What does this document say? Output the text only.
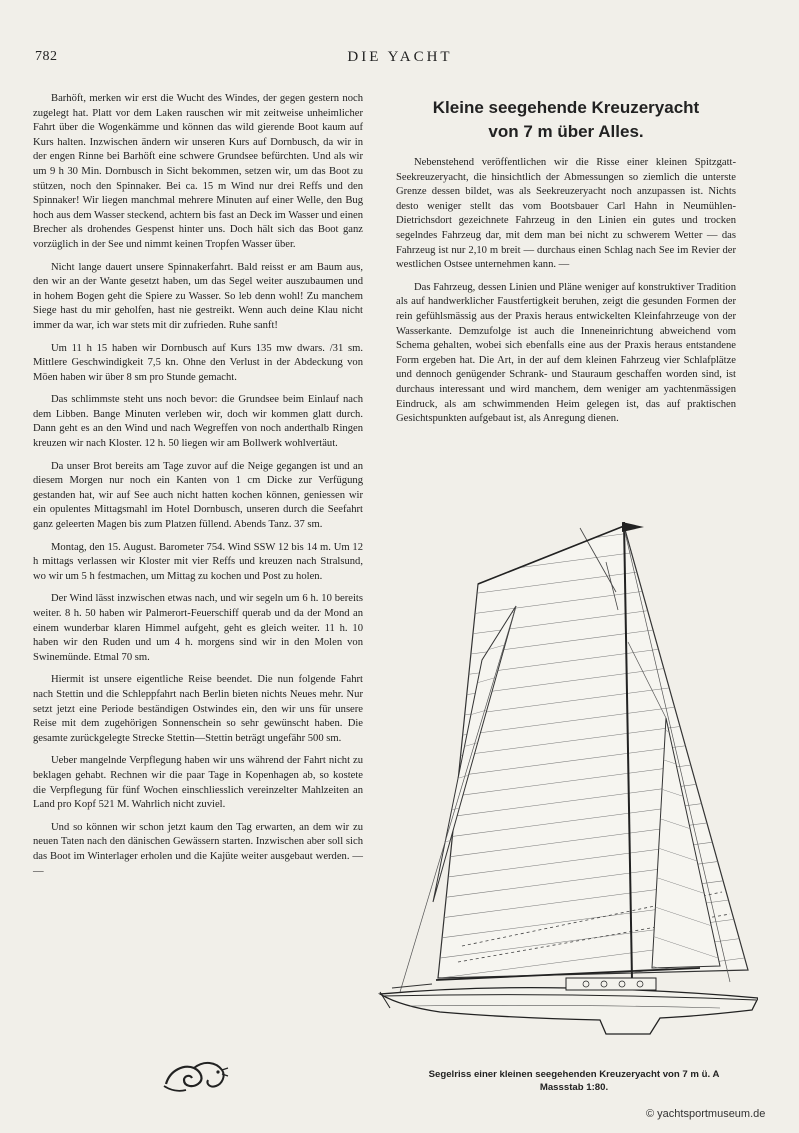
782	DIE YACHT

Barhöft, merken wir erst die Wucht des Windes, der gegen gestern noch zugelegt hat. Platt vor dem Laken rauschen wir mit zeitweise unheimlicher Fahrt über die Wogenkämme und können das wild gierende Boot kaum auf Kurs halten. Inzwischen ändern wir unseren Kurs auf Dornbusch, da wir in der engen Rinne bei Barhöft eine schwere Grundsee befürchten. Und als wir um 9 h 30 Min. Dornbusch in Sicht bekommen, setzen wir, um das Boot zu stützen, noch den Spinnaker. Bei ca. 15 m Wind nur drei Reffs und den Spinnaker! Wir liegen manchmal mehrere Minuten auf einer Welle, den Bug hoch aus dem Wasser steckend, achtern bis fast an Deck im Wasser und einen Brecher als drohendes Gespenst hinter uns. Doch hält sich das Boot ganz vorzüglich in der See und nimmt keinen Tropfen Wasser über.

Nicht lange dauert unsere Spinnakerfahrt. Bald reisst er am Baum aus, den wir an der Wante gesetzt haben, um das Segel weiter auszubaumen und in hohem Bogen geht die Spiere zu Wasser. So leb denn wohl! Zu manchem Siege hast du mir geholfen, hast nie gestreikt. Wenn auch deine Klau nicht immer da war, ich war stets mit dir zufrieden. Ruhe sanft!

Um 11 h 15 haben wir Dornbusch auf Kurs 135 mw dwars. /31 sm. Mittlere Geschwindigkeit 7,5 kn. Ohne den Verlust in der Abdeckung von Möen haben wir über 8 sm pro Stunde gemacht.

Das schlimmste steht uns noch bevor: die Grundsee beim Einlauf nach dem Libben. Bange Minuten verleben wir, doch wir kommen glatt durch. Dann geht es an den Wind und nach Wegreffen von noch anderthalb Ringen kreuzen wir nach Kloster. 12 h. 50 liegen wir am Bollwerk wohlvertäut.

Da unser Brot bereits am Tage zuvor auf die Neige gegangen ist und an diesem Morgen nur noch ein Kanten von 1 cm Dicke zur Verfügung gestanden hat, wir auf See auch nicht hatten kochen können, geniessen wir ein opulentes Mittagsmahl im Hotel Dornbusch, unseren durch die Seefahrt ganz geleerten Magen bis zum Platzen füllend. Abends Tanz. 37 sm.

Montag, den 15. August. Barometer 754. Wind SSW 12 bis 14 m. Um 12 h mittags verlassen wir Kloster mit vier Reffs und kreuzen nach Stralsund, wo wir um 5 h festmachen, um Mittag zu kochen und Post zu holen.

Der Wind lässt inzwischen etwas nach, und wir segeln um 6 h. 10 bereits weiter. 8 h. 50 haben wir Palmerort-Feuerschiff querab und da der Mond an einem wunderbar klaren Himmel aufgeht, geht es gleich weiter. 11 h. 10 haben wir den Ruden und um 4 h. morgens sind wir in den Molen von Swinemünde. Etmal 70 sm.

Hiermit ist unsere eigentliche Reise beendet. Die nun folgende Fahrt nach Stettin und die Schleppfahrt nach Berlin bieten nichts Neues mehr. Nur setzt jetzt eine Periode beständigen Ostwindes ein, den wir uns für unsere Reise mit dem zugehörigen Sonnenschein so sehr gewünscht haben. Die gesamte zurückgelegte Strecke Stettin—Stettin beträgt ungefähr 500 sm.

Ueber mangelnde Verpflegung haben wir uns während der Fahrt nicht zu beklagen gehabt. Rechnen wir die paar Tage in Kopenhagen ab, so kostete die Verpflegung für fünf Wochen einschliesslich vereinzelter Mahlzeiten an Land pro Kopf 521 M. Wahrlich nicht zuviel.

Und so können wir schon jetzt kaum den Tag erwarten, an dem wir zu neuen Taten nach den dänischen Gewässern starten. Inzwischen aber soll sich das Boot im Winterlager erholen und die Kajüte weiter ausgebaut werden. — —

Kleine seegehende Kreuzeryacht
von 7 m über Alles.

Nebenstehend veröffentlichen wir die Risse einer kleinen Spitzgatt-Seekreuzeryacht, die hinsichtlich der Abmessungen so ziemlich die unterste Grenze dessen bildet, was als Seekreuzeryacht noch anzupassen ist. Nichts desto weniger stellt das vom Bootsbauer Carl Hahn in Neumühlen-Dietrichsdort gezeichnete Fahrzeug in den Linien ein gutes und trocken segelndes Fahrzeug dar, mit dem man bei nicht zu schwerem Wetter — das Fahrzeug ist nur 2,10 m breit — durchaus einen Schlag nach See im Revier der westlichen Ostsee unternehmen kann. —

Das Fahrzeug, dessen Linien und Pläne weniger auf konstruktiver Tradition als auf handwerklicher Faustfertigkeit beruhen, zeigt die gesunden Formen der rein gefühlsmässig aus der Praxis heraus entwickelten Kleinfahrzeuge von der Wasserkante. Demzufolge ist auch die Inneneinrichtung abweichend vom Schema gehalten, wobei sich ebenfalls eine aus der Praxis heraus entstandene Form ergeben hat. Die Art, in der auf dem kleinen Fahrzeug vier Schlafplätze und dennoch genügender Schrank- und Stauraum geschaffen worden sind, ist durchaus interessant und wird manchem, dem weniger am yachtenmässigen Eindruck, als am schwimmenden Heim gelegen ist, das auf praktischen Gesichtspunkten aufgebaut ist, als Anregung dienen.

Segelriss einer kleinen seegehenden Kreuzeryacht von 7 m ü. A
Massstab 1:80.
© yachtsportmuseum.de
